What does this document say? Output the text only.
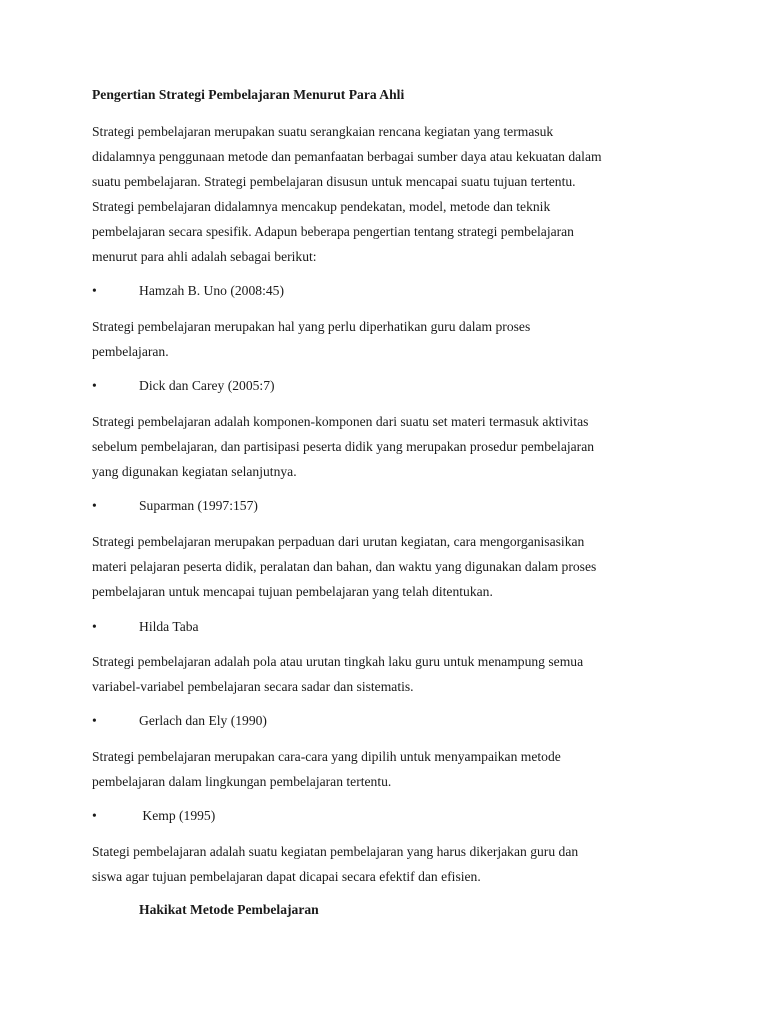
Pengertian Strategi Pembelajaran Menurut Para Ahli

Strategi pembelajaran merupakan suatu serangkaian rencana kegiatan yang termasuk
didalamnya penggunaan metode dan pemanfaatan berbagai sumber daya atau kekuatan dalam
suatu pembelajaran. Strategi pembelajaran disusun untuk mencapai suatu tujuan tertentu.
Strategi pembelajaran didalamnya mencakup pendekatan, model, metode dan teknik
pembelajaran secara spesifik. Adapun beberapa pengertian tentang strategi pembelajaran
menurut para ahli adalah sebagai berikut:

•	Hamzah B. Uno (2008:45)

Strategi pembelajaran merupakan hal yang perlu diperhatikan guru dalam proses
pembelajaran.

•	Dick dan Carey (2005:7)

Strategi pembelajaran adalah komponen-komponen dari suatu set materi termasuk aktivitas
sebelum pembelajaran, dan partisipasi peserta didik yang merupakan prosedur pembelajaran
yang digunakan kegiatan selanjutnya.

•	Suparman (1997:157)

Strategi pembelajaran merupakan perpaduan dari urutan kegiatan, cara mengorganisasikan
materi pelajaran peserta didik, peralatan dan bahan, dan waktu yang digunakan dalam proses
pembelajaran untuk mencapai tujuan pembelajaran yang telah ditentukan.

•	Hilda Taba

Strategi pembelajaran adalah pola atau urutan tingkah laku guru untuk menampung semua
variabel-variabel pembelajaran secara sadar dan sistematis.

•	Gerlach dan Ely (1990)

Strategi pembelajaran merupakan cara-cara yang dipilih untuk menyampaikan metode
pembelajaran dalam lingkungan pembelajaran tertentu.

•	Kemp (1995)

Stategi pembelajaran adalah suatu kegiatan pembelajaran yang harus dikerjakan guru dan
siswa agar tujuan pembelajaran dapat dicapai secara efektif dan efisien.

Hakikat Metode Pembelajaran
